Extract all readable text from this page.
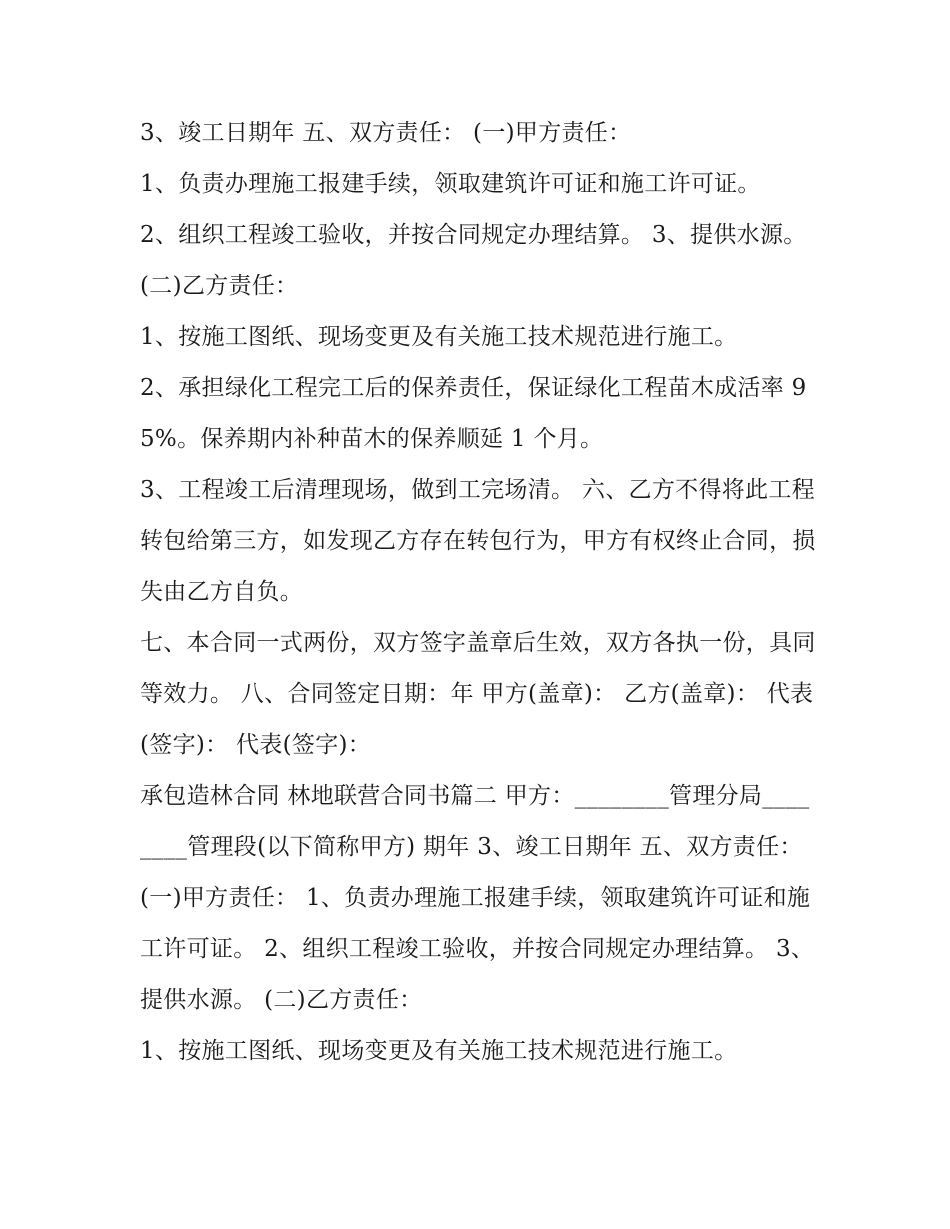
3、竣工日期年 五、双方责任： (一)甲方责任：

1、负责办理施工报建手续，领取建筑许可证和施工许可证。

2、组织工程竣工验收，并按合同规定办理结算。 3、提供水源。 (二)乙方责任：

1、按施工图纸、现场变更及有关施工技术规范进行施工。

2、承担绿化工程完工后的保养责任，保证绿化工程苗木成活率 95%。保养期内补种苗木的保养顺延 1 个月。

3、工程竣工后清理现场，做到工完场清。 六、乙方不得将此工程转包给第三方，如发现乙方存在转包行为，甲方有权终止合同，损失由乙方自负。

七、本合同一式两份，双方签字盖章后生效，双方各执一份，具同等效力。 八、合同签定日期：年 甲方(盖章)： 乙方(盖章)： 代表(签字)： 代表(签字)：

承包造林合同 林地联营合同书篇二 甲方：________管理分局________管理段(以下简称甲方) 期年 3、竣工日期年 五、双方责任：

(一)甲方责任： 1、负责办理施工报建手续，领取建筑许可证和施工许可证。 2、组织工程竣工验收，并按合同规定办理结算。 3、提供水源。 (二)乙方责任：

1、按施工图纸、现场变更及有关施工技术规范进行施工。
